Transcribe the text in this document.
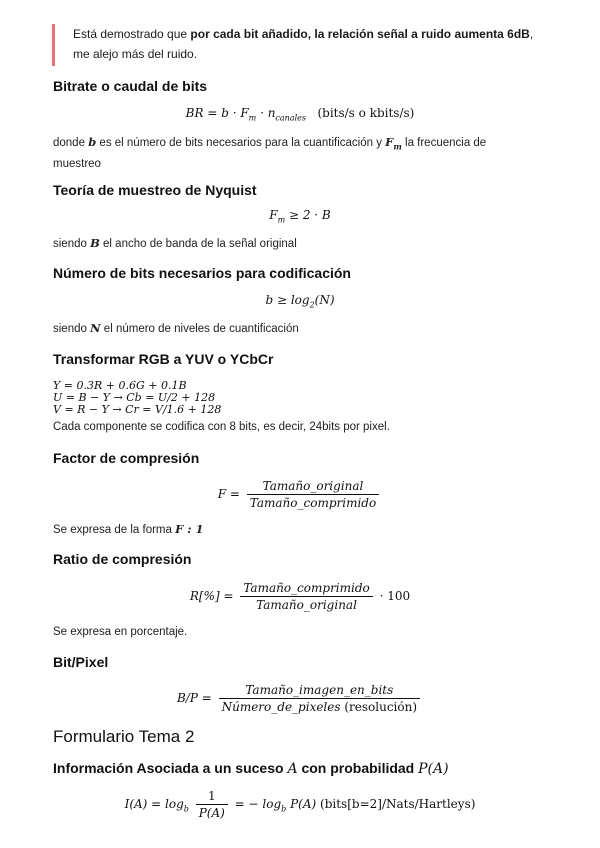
Está demostrado que por cada bit añadido, la relación señal a ruido aumenta 6dB,
me alejo más del ruido.
Bitrate o caudal de bits
BR = $b \cdot F_m \cdot n_{canales}$ (bits/s o kbits/s)
donde b es el número de bits necesarios para la cuantificación y $F_m$ la frecuencia de
muestreo
Teoría de muestreo de Nyquist
$F_m \ge 2 \cdot B$
siendo B el ancho de banda de la señal original
Número de bits necesarios para codificación
$b \ge \log_2(N)$
siendo N el número de niveles de cuantificación
Transformar RGB a YUV o YCbCr
Y = 0.3R + 0.6G + 0.1B
U = B − Y → Cb = U/2 + 128
V = R − Y → Cr = V/1.6 + 128
Cada componente se codifica con 8 bits, es decir, 24bits por pixel.
Factor de compresión
$F = \frac{\text{Tamaño\_original}}{\text{Tamaño\_comprimido}}$
Se expresa de la forma F : 1
Ratio de compresión
$R[\%] = \frac{\text{Tamaño\_comprimido}}{\text{Tamaño\_original}} \cdot 100$
Se expresa en porcentaje.
Bit/Pixel
$B/P = \frac{\text{Tamaño\_imagen\_en\_bits}}{\text{Número\_de\_pixeles (resolución)}}$
Formulario Tema 2
Información Asociada a un suceso A con probabilidad P(A)
$I(A) = \log_b \frac{1}{P(A)}$ = − $\log_b P(A)$ (bits[b=2]/Nats/Hartleys)
